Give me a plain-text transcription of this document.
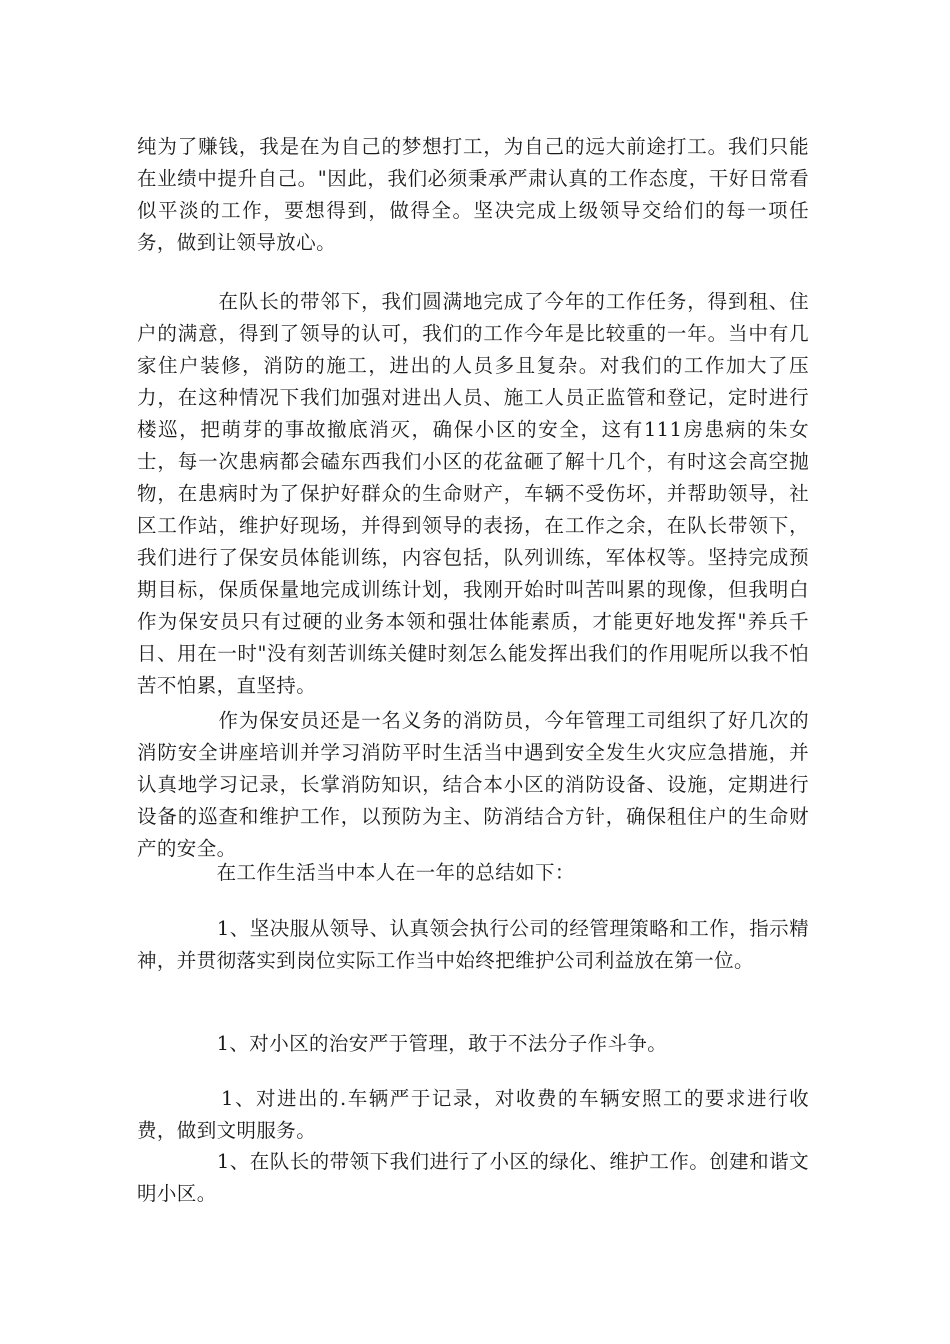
纯为了赚钱，我是在为自己的梦想打工，为自己的远大前途打工。我们只能在业绩中提升自己。"因此，我们必须秉承严肃认真的工作态度，干好日常看似平淡的工作，要想得到，做得全。坚决完成上级领导交给们的每一项任务，做到让领导放心。
　　　　在队长的带邻下，我们圆满地完成了今年的工作任务，得到租、住户的满意，得到了领导的认可，我们的工作今年是比较重的一年。当中有几家住户装修，消防的施工，进出的人员多且复杂。对我们的工作加大了压力，在这种情况下我们加强对进出人员、施工人员正监管和登记，定时进行楼巡，把萌芽的事故撤底消灭，确保小区的安全，这有111房患病的朱女士，每一次患病都会磕东西我们小区的花盆砸了解十几个，有时这会高空抛物，在患病时为了保护好群众的生命财产，车辆不受伤坏，并帮助领导，社区工作站，维护好现场，并得到领导的表扬，在工作之余，在队长带领下，我们进行了保安员体能训练，内容包括，队列训练，军体权等。坚持完成预期目标，保质保量地完成训练计划，我刚开始时叫苦叫累的现像，但我明白作为保安员只有过硬的业务本领和强壮体能素质，才能更好地发挥"养兵千日、用在一时"没有刻苦训练关健时刻怎么能发挥出我们的作用呢所以我不怕苦不怕累，直坚持。
　　　　作为保安员还是一名义务的消防员，今年管理工司组织了好几次的消防安全讲座培训并学习消防平时生活当中遇到安全发生火灾应急措施，并认真地学习记录，长掌消防知识，结合本小区的消防设备、设施，定期进行设备的巡查和维护工作，以预防为主、防消结合方针，确保租住户的生命财产的安全。
　　　　在工作生活当中本人在一年的总结如下：
　　　　1、坚决服从领导、认真领会执行公司的经管理策略和工作，指示精神，并贯彻落实到岗位实际工作当中始终把维护公司利益放在第一位。
　　　　1、对小区的治安严于管理，敢于不法分子作斗争。
　　　　1、对进出的.车辆严于记录，对收费的车辆安照工的要求进行收费，做到文明服务。
　　　　1、在队长的带领下我们进行了小区的绿化、维护工作。创建和谐文明小区。
